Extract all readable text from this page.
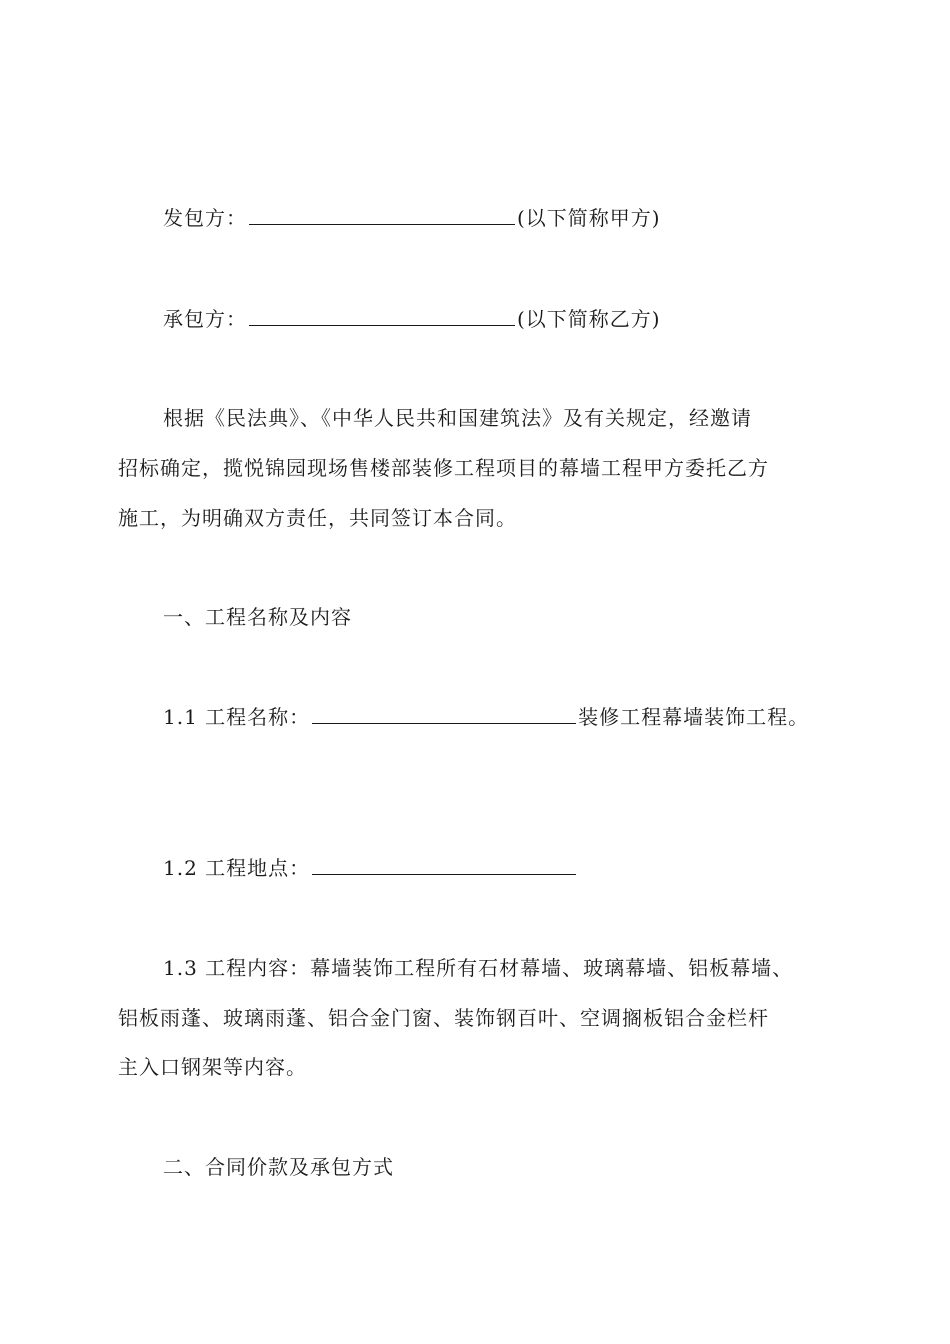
发包方：	(以下简称甲方)
承包方：	(以下简称乙方)
根据《民法典》、《中华人民共和国建筑法》及有关规定，经邀请
招标确定，揽悦锦园现场售楼部装修工程项目的幕墙工程甲方委托乙方
施工，为明确双方责任，共同签订本合同。
一、工程名称及内容
1.1 工程名称：	装修工程幕墙装饰工程。
1.2 工程地点：
1.3 工程内容：幕墙装饰工程所有石材幕墙、玻璃幕墙、铝板幕墙、
铝板雨蓬、玻璃雨蓬、铝合金门窗、装饰钢百叶、空调搁板铝合金栏杆
主入口钢架等内容。
二、合同价款及承包方式
